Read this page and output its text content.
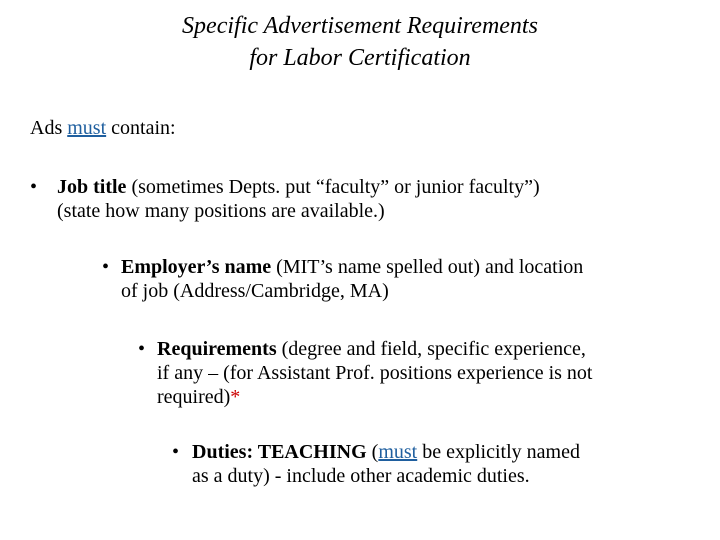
Specific Advertisement Requirements
for Labor Certification
Ads must contain:
• Job title (sometimes Depts. put “faculty” or junior faculty”)
(state how many positions are available.)
• Employer’s name (MIT’s name spelled out) and location
of job (Address/Cambridge, MA)
• Requirements (degree and field, specific experience,
if any – (for Assistant Prof. positions experience is not
required)*
• Duties: TEACHING (must be explicitly named
as a duty) - include other academic duties.
